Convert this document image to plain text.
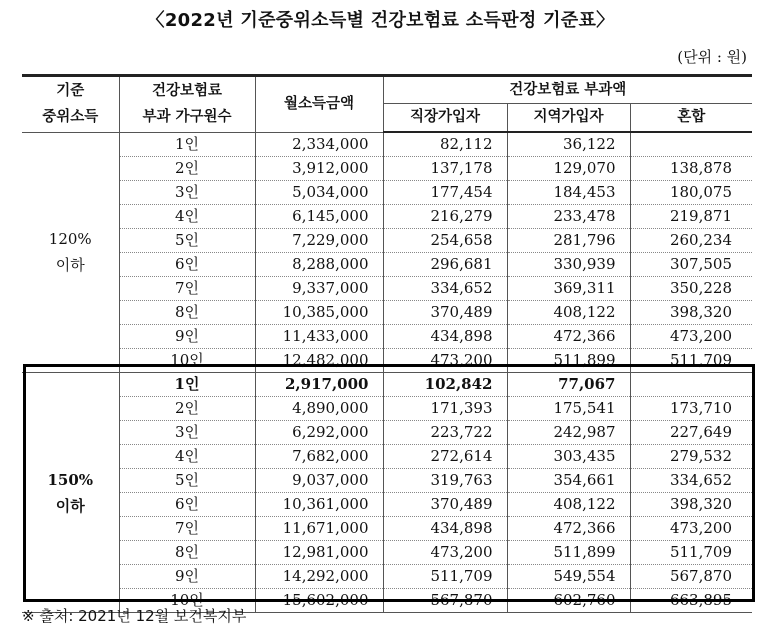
〈2022년 기준중위소득별 건강보험료 소득판정 기준표〉
(단위 : 원)
기준
중위소득	건강보험료
부과 가구원수	월소득금액	건강보험료 부과액		
			직장가입자	지역가입자	혼합

120%
이하	1인	2,334,000	82,112	36,122	
	2인	3,912,000	137,178	129,070	138,878
	3인	5,034,000	177,454	184,453	180,075
	4인	6,145,000	216,279	233,478	219,871
	5인	7,229,000	254,658	281,796	260,234
	6인	8,288,000	296,681	330,939	307,505
	7인	9,337,000	334,652	369,311	350,228
	8인	10,385,000	370,489	408,122	398,320
	9인	11,433,000	434,898	472,366	473,200
	10인	12,482,000	473,200	511,899	511,709

150%
이하	1인	2,917,000	102,842	77,067	
	2인	4,890,000	171,393	175,541	173,710
	3인	6,292,000	223,722	242,987	227,649
	4인	7,682,000	272,614	303,435	279,532
	5인	9,037,000	319,763	354,661	334,652
	6인	10,361,000	370,489	408,122	398,320
	7인	11,671,000	434,898	472,366	473,200
	8인	12,981,000	473,200	511,899	511,709
	9인	14,292,000	511,709	549,554	567,870
	10인	15,602,000	567,870	602,760	663,895
※ 출처: 2021년 12월 보건복지부
